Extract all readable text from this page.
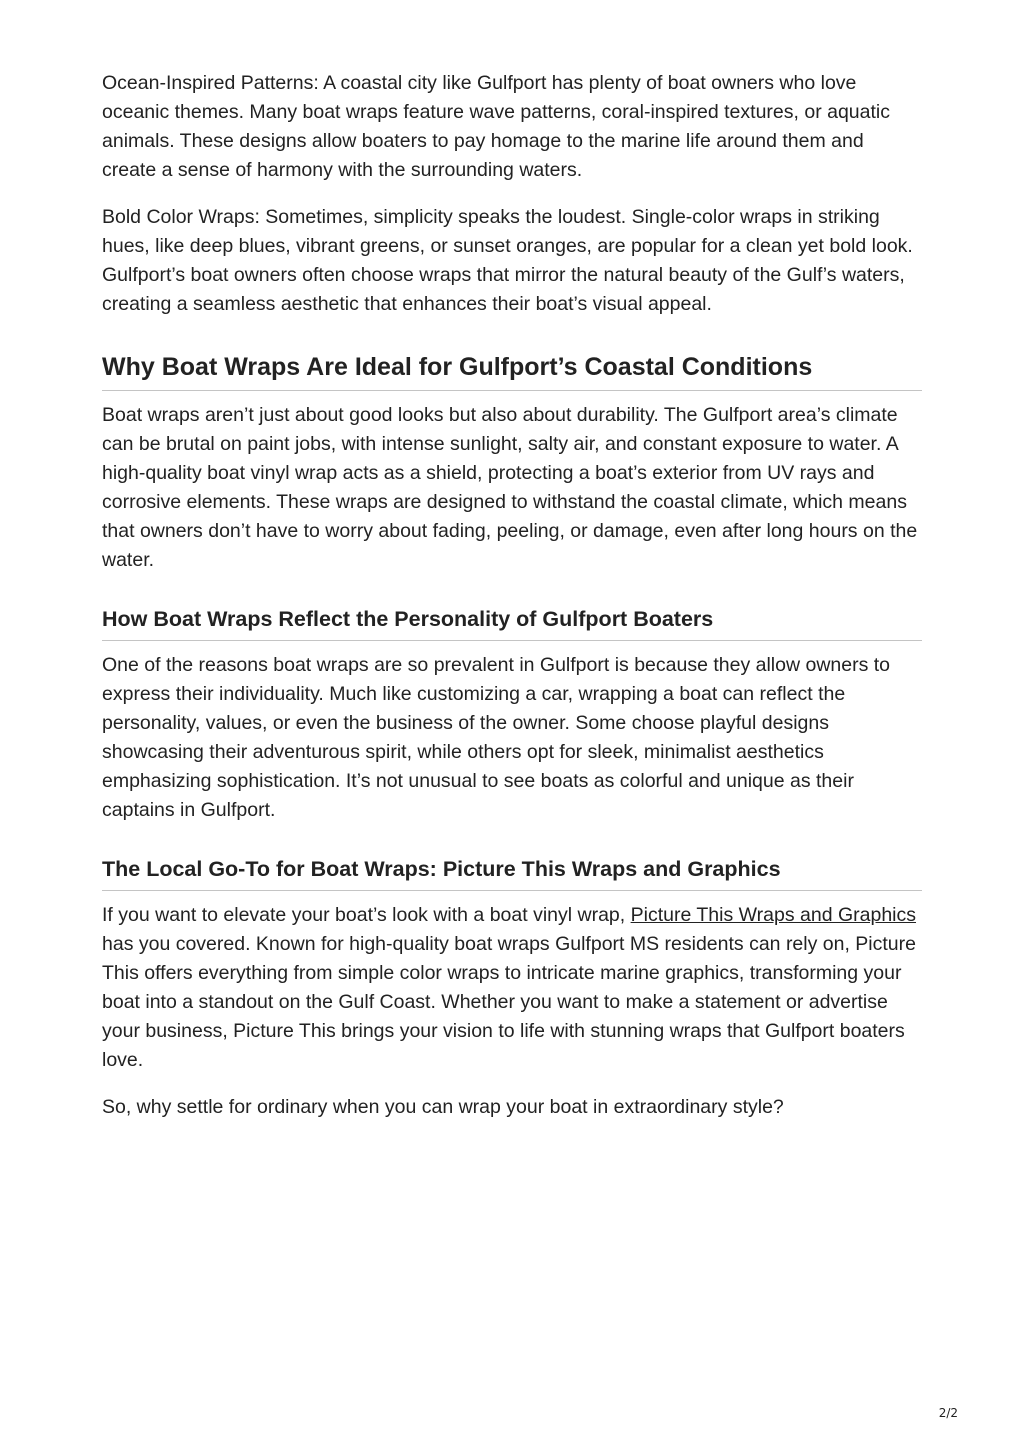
Ocean-Inspired Patterns: A coastal city like Gulfport has plenty of boat owners who love oceanic themes. Many boat wraps feature wave patterns, coral-inspired textures, or aquatic animals. These designs allow boaters to pay homage to the marine life around them and create a sense of harmony with the surrounding waters.

Bold Color Wraps: Sometimes, simplicity speaks the loudest. Single-color wraps in striking hues, like deep blues, vibrant greens, or sunset oranges, are popular for a clean yet bold look. Gulfport’s boat owners often choose wraps that mirror the natural beauty of the Gulf’s waters, creating a seamless aesthetic that enhances their boat’s visual appeal.

Why Boat Wraps Are Ideal for Gulfport’s Coastal Conditions

Boat wraps aren’t just about good looks but also about durability. The Gulfport area’s climate can be brutal on paint jobs, with intense sunlight, salty air, and constant exposure to water. A high-quality boat vinyl wrap acts as a shield, protecting a boat’s exterior from UV rays and corrosive elements. These wraps are designed to withstand the coastal climate, which means that owners don’t have to worry about fading, peeling, or damage, even after long hours on the water.

How Boat Wraps Reflect the Personality of Gulfport Boaters

One of the reasons boat wraps are so prevalent in Gulfport is because they allow owners to express their individuality. Much like customizing a car, wrapping a boat can reflect the personality, values, or even the business of the owner. Some choose playful designs showcasing their adventurous spirit, while others opt for sleek, minimalist aesthetics emphasizing sophistication. It’s not unusual to see boats as colorful and unique as their captains in Gulfport.

The Local Go-To for Boat Wraps: Picture This Wraps and Graphics

If you want to elevate your boat’s look with a boat vinyl wrap, Picture This Wraps and Graphics has you covered. Known for high-quality boat wraps Gulfport MS residents can rely on, Picture This offers everything from simple color wraps to intricate marine graphics, transforming your boat into a standout on the Gulf Coast. Whether you want to make a statement or advertise your business, Picture This brings your vision to life with stunning wraps that Gulfport boaters love.

So, why settle for ordinary when you can wrap your boat in extraordinary style?

2/2
